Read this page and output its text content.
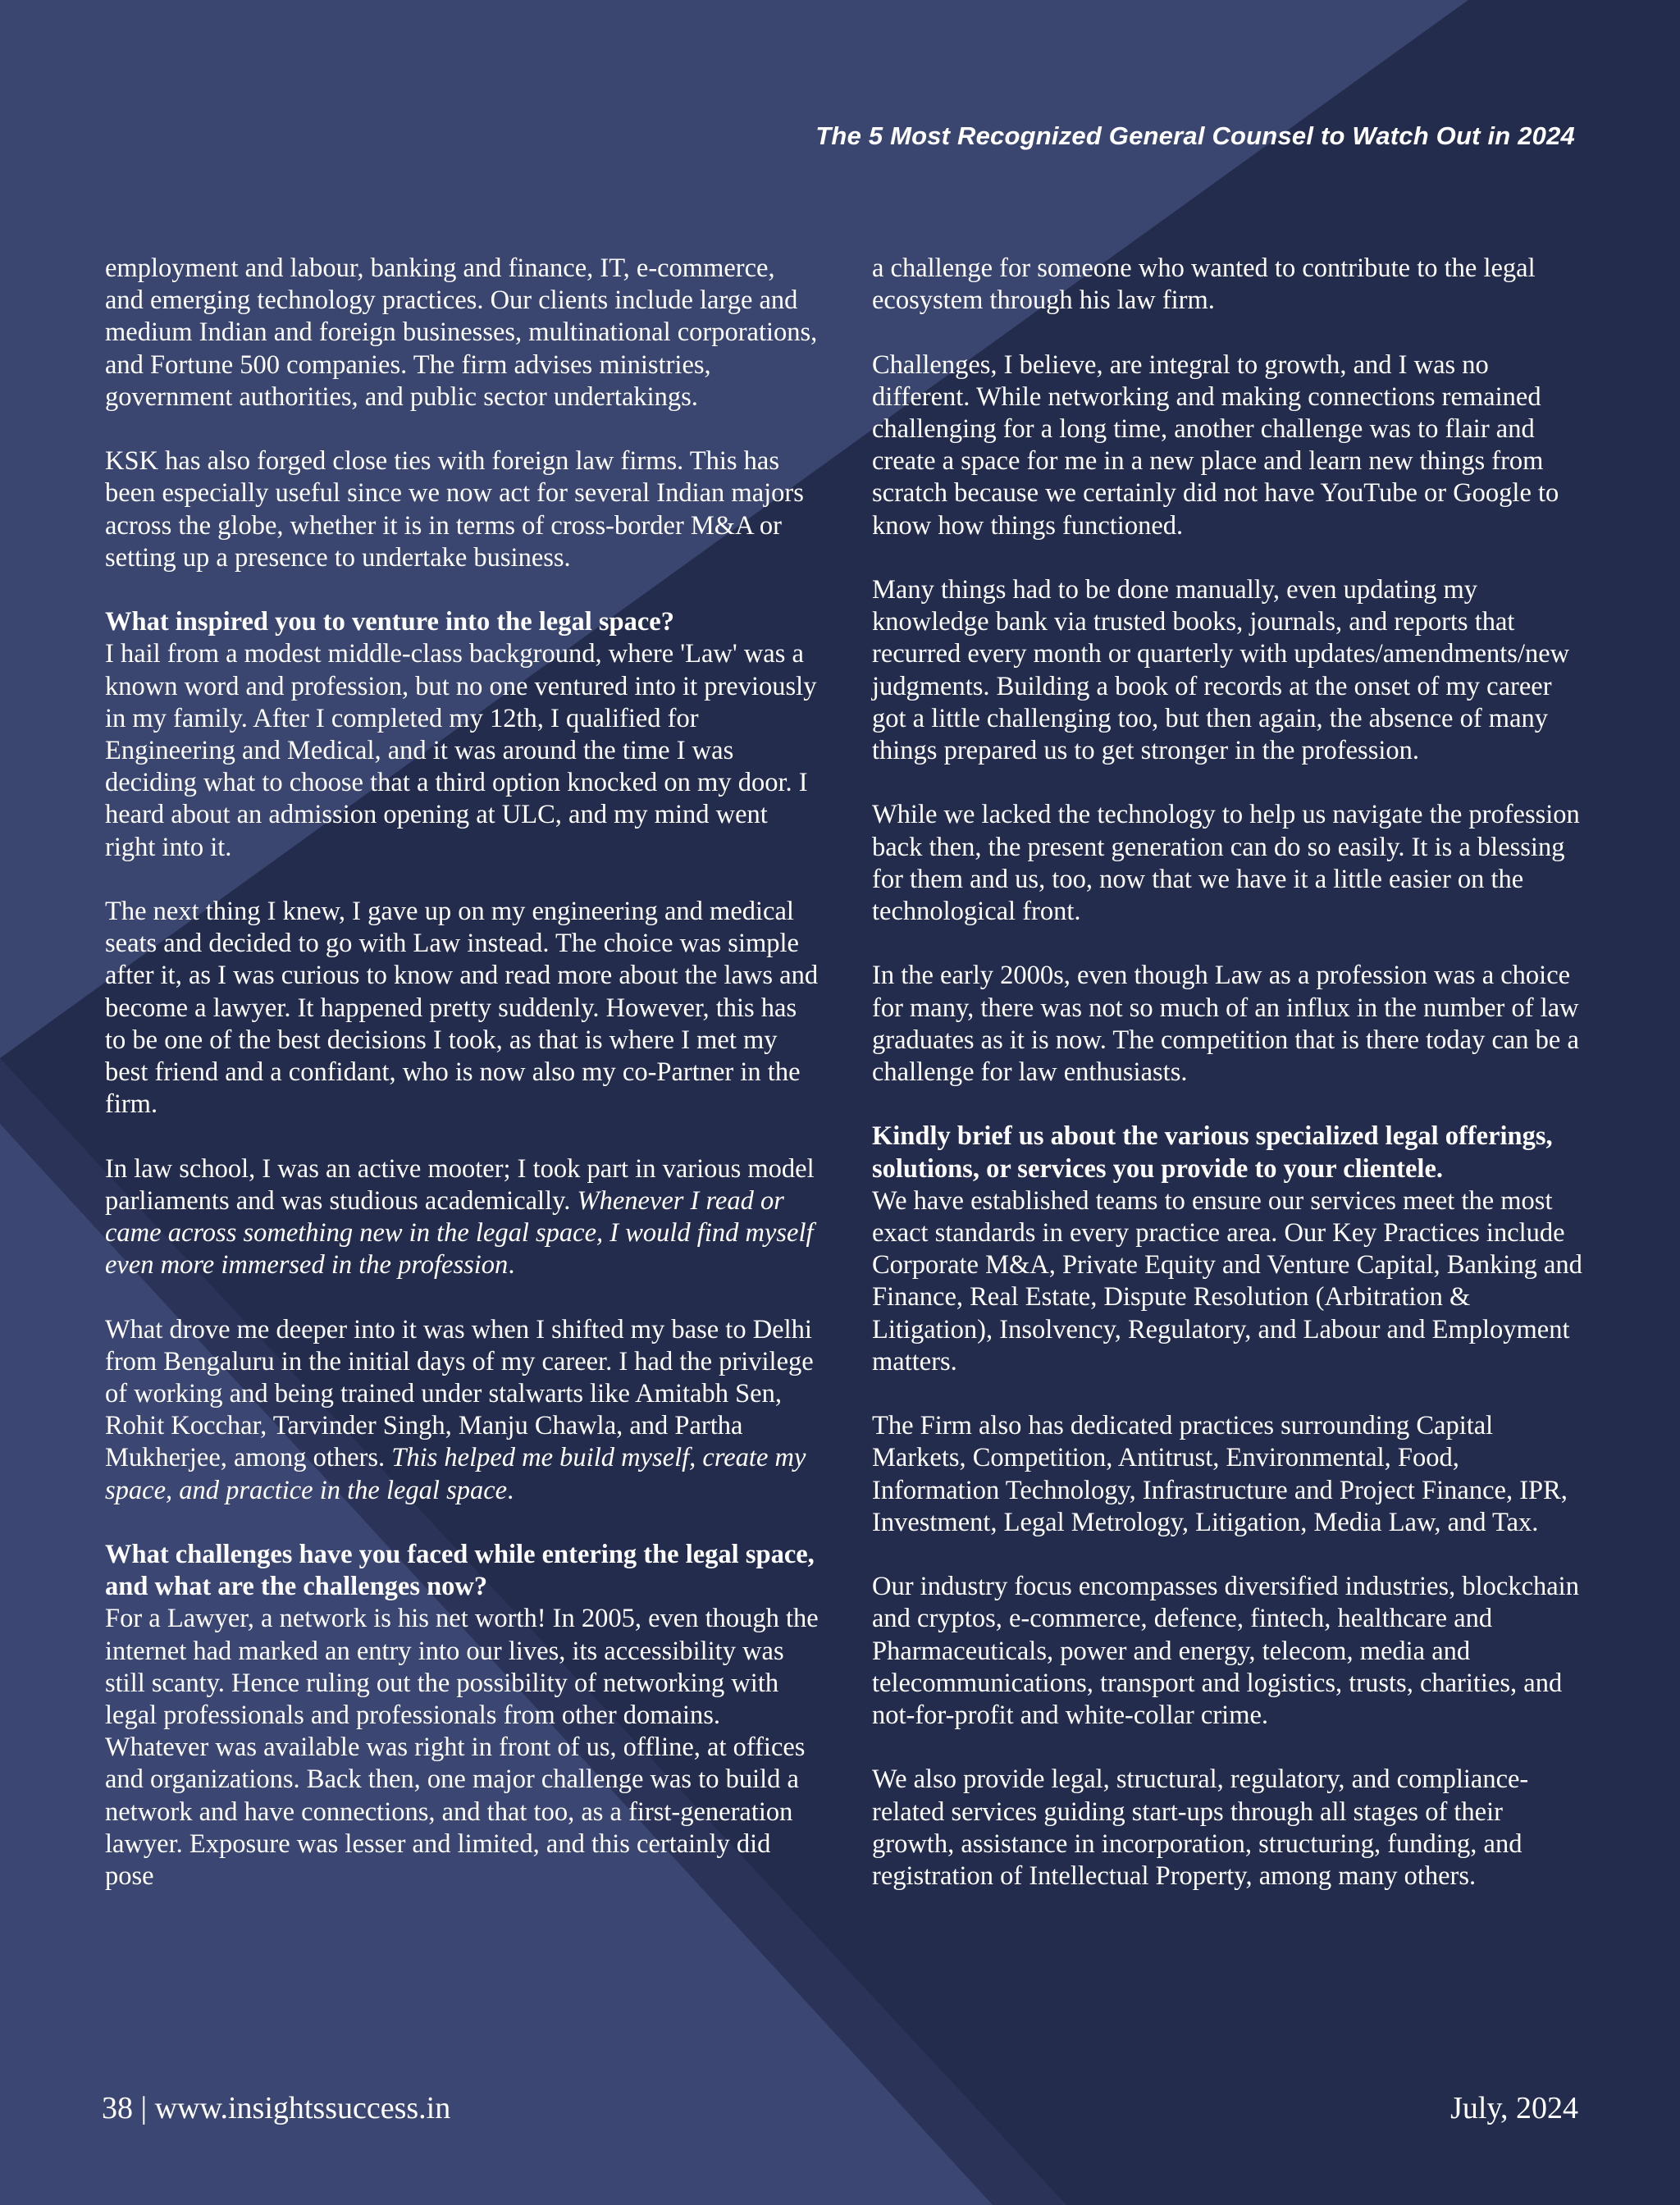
The 5 Most Recognized General Counsel to Watch Out in 2024

employment and labour, banking and finance, IT, e-commerce, and emerging technology practices. Our clients include large and medium Indian and foreign businesses, multinational corporations, and Fortune 500 companies. The firm advises ministries, government authorities, and public sector undertakings.

KSK has also forged close ties with foreign law firms. This has been especially useful since we now act for several Indian majors across the globe, whether it is in terms of cross-border M&A or setting up a presence to undertake business.

What inspired you to venture into the legal space?
I hail from a modest middle-class background, where 'Law' was a known word and profession, but no one ventured into it previously in my family. After I completed my 12th, I qualified for Engineering and Medical, and it was around the time I was deciding what to choose that a third option knocked on my door. I heard about an admission opening at ULC, and my mind went right into it.

The next thing I knew, I gave up on my engineering and medical seats and decided to go with Law instead. The choice was simple after it, as I was curious to know and read more about the laws and become a lawyer. It happened pretty suddenly. However, this has to be one of the best decisions I took, as that is where I met my best friend and a confidant, who is now also my co-Partner in the firm.

In law school, I was an active mooter; I took part in various model parliaments and was studious academically. Whenever I read or came across something new in the legal space, I would find myself even more immersed in the profession.

What drove me deeper into it was when I shifted my base to Delhi from Bengaluru in the initial days of my career. I had the privilege of working and being trained under stalwarts like Amitabh Sen, Rohit Kocchar, Tarvinder Singh, Manju Chawla, and Partha Mukherjee, among others. This helped me build myself, create my space, and practice in the legal space.

What challenges have you faced while entering the legal space, and what are the challenges now?
For a Lawyer, a network is his net worth! In 2005, even though the internet had marked an entry into our lives, its accessibility was still scanty. Hence ruling out the possibility of networking with legal professionals and professionals from other domains. Whatever was available was right in front of us, offline, at offices and organizations. Back then, one major challenge was to build a network and have connections, and that too, as a first-generation lawyer. Exposure was lesser and limited, and this certainly did pose

a challenge for someone who wanted to contribute to the legal ecosystem through his law firm.

Challenges, I believe, are integral to growth, and I was no different. While networking and making connections remained challenging for a long time, another challenge was to flair and create a space for me in a new place and learn new things from scratch because we certainly did not have YouTube or Google to know how things functioned.

Many things had to be done manually, even updating my knowledge bank via trusted books, journals, and reports that recurred every month or quarterly with updates/amendments/new judgments. Building a book of records at the onset of my career got a little challenging too, but then again, the absence of many things prepared us to get stronger in the profession.

While we lacked the technology to help us navigate the profession back then, the present generation can do so easily. It is a blessing for them and us, too, now that we have it a little easier on the technological front.

In the early 2000s, even though Law as a profession was a choice for many, there was not so much of an influx in the number of law graduates as it is now. The competition that is there today can be a challenge for law enthusiasts.

Kindly brief us about the various specialized legal offerings, solutions, or services you provide to your clientele.
We have established teams to ensure our services meet the most exact standards in every practice area. Our Key Practices include Corporate M&A, Private Equity and Venture Capital, Banking and Finance, Real Estate, Dispute Resolution (Arbitration & Litigation), Insolvency, Regulatory, and Labour and Employment matters.

The Firm also has dedicated practices surrounding Capital Markets, Competition, Antitrust, Environmental, Food, Information Technology, Infrastructure and Project Finance, IPR, Investment, Legal Metrology, Litigation, Media Law, and Tax.

Our industry focus encompasses diversified industries, blockchain and cryptos, e-commerce, defence, fintech, healthcare and Pharmaceuticals, power and energy, telecom, media and telecommunications, transport and logistics, trusts, charities, and not-for-profit and white-collar crime.

We also provide legal, structural, regulatory, and compliance-related services guiding start-ups through all stages of their growth, assistance in incorporation, structuring, funding, and registration of Intellectual Property, among many others.

38 | www.insightssuccess.in	July, 2024
